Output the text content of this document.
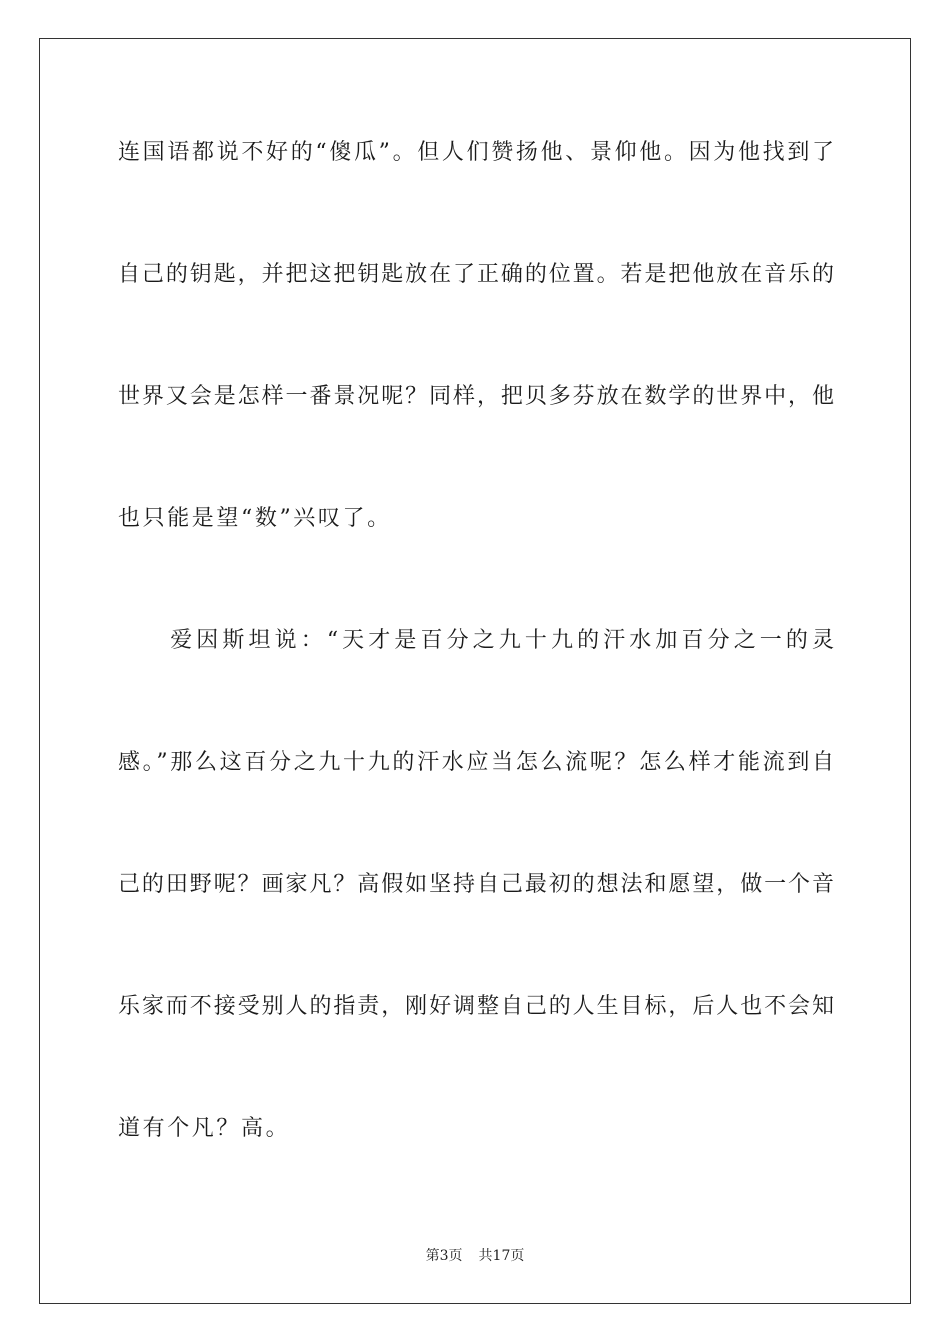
连国语都说不好的“傻瓜”。但人们赞扬他、景仰他。因为他找到了
自己的钥匙，并把这把钥匙放在了正确的位置。若是把他放在音乐的
世界又会是怎样一番景况呢？同样，把贝多芬放在数学的世界中，他
也只能是望“数”兴叹了。
　　爱因斯坦说：“天才是百分之九十九的汗水加百分之一的灵
感。”那么这百分之九十九的汗水应当怎么流呢？怎么样才能流到自
己的田野呢？画家凡？高假如坚持自己最初的想法和愿望，做一个音
乐家而不接受别人的指责，刚好调整自己的人生目标，后人也不会知
道有个凡？高。
第3页 共17页
